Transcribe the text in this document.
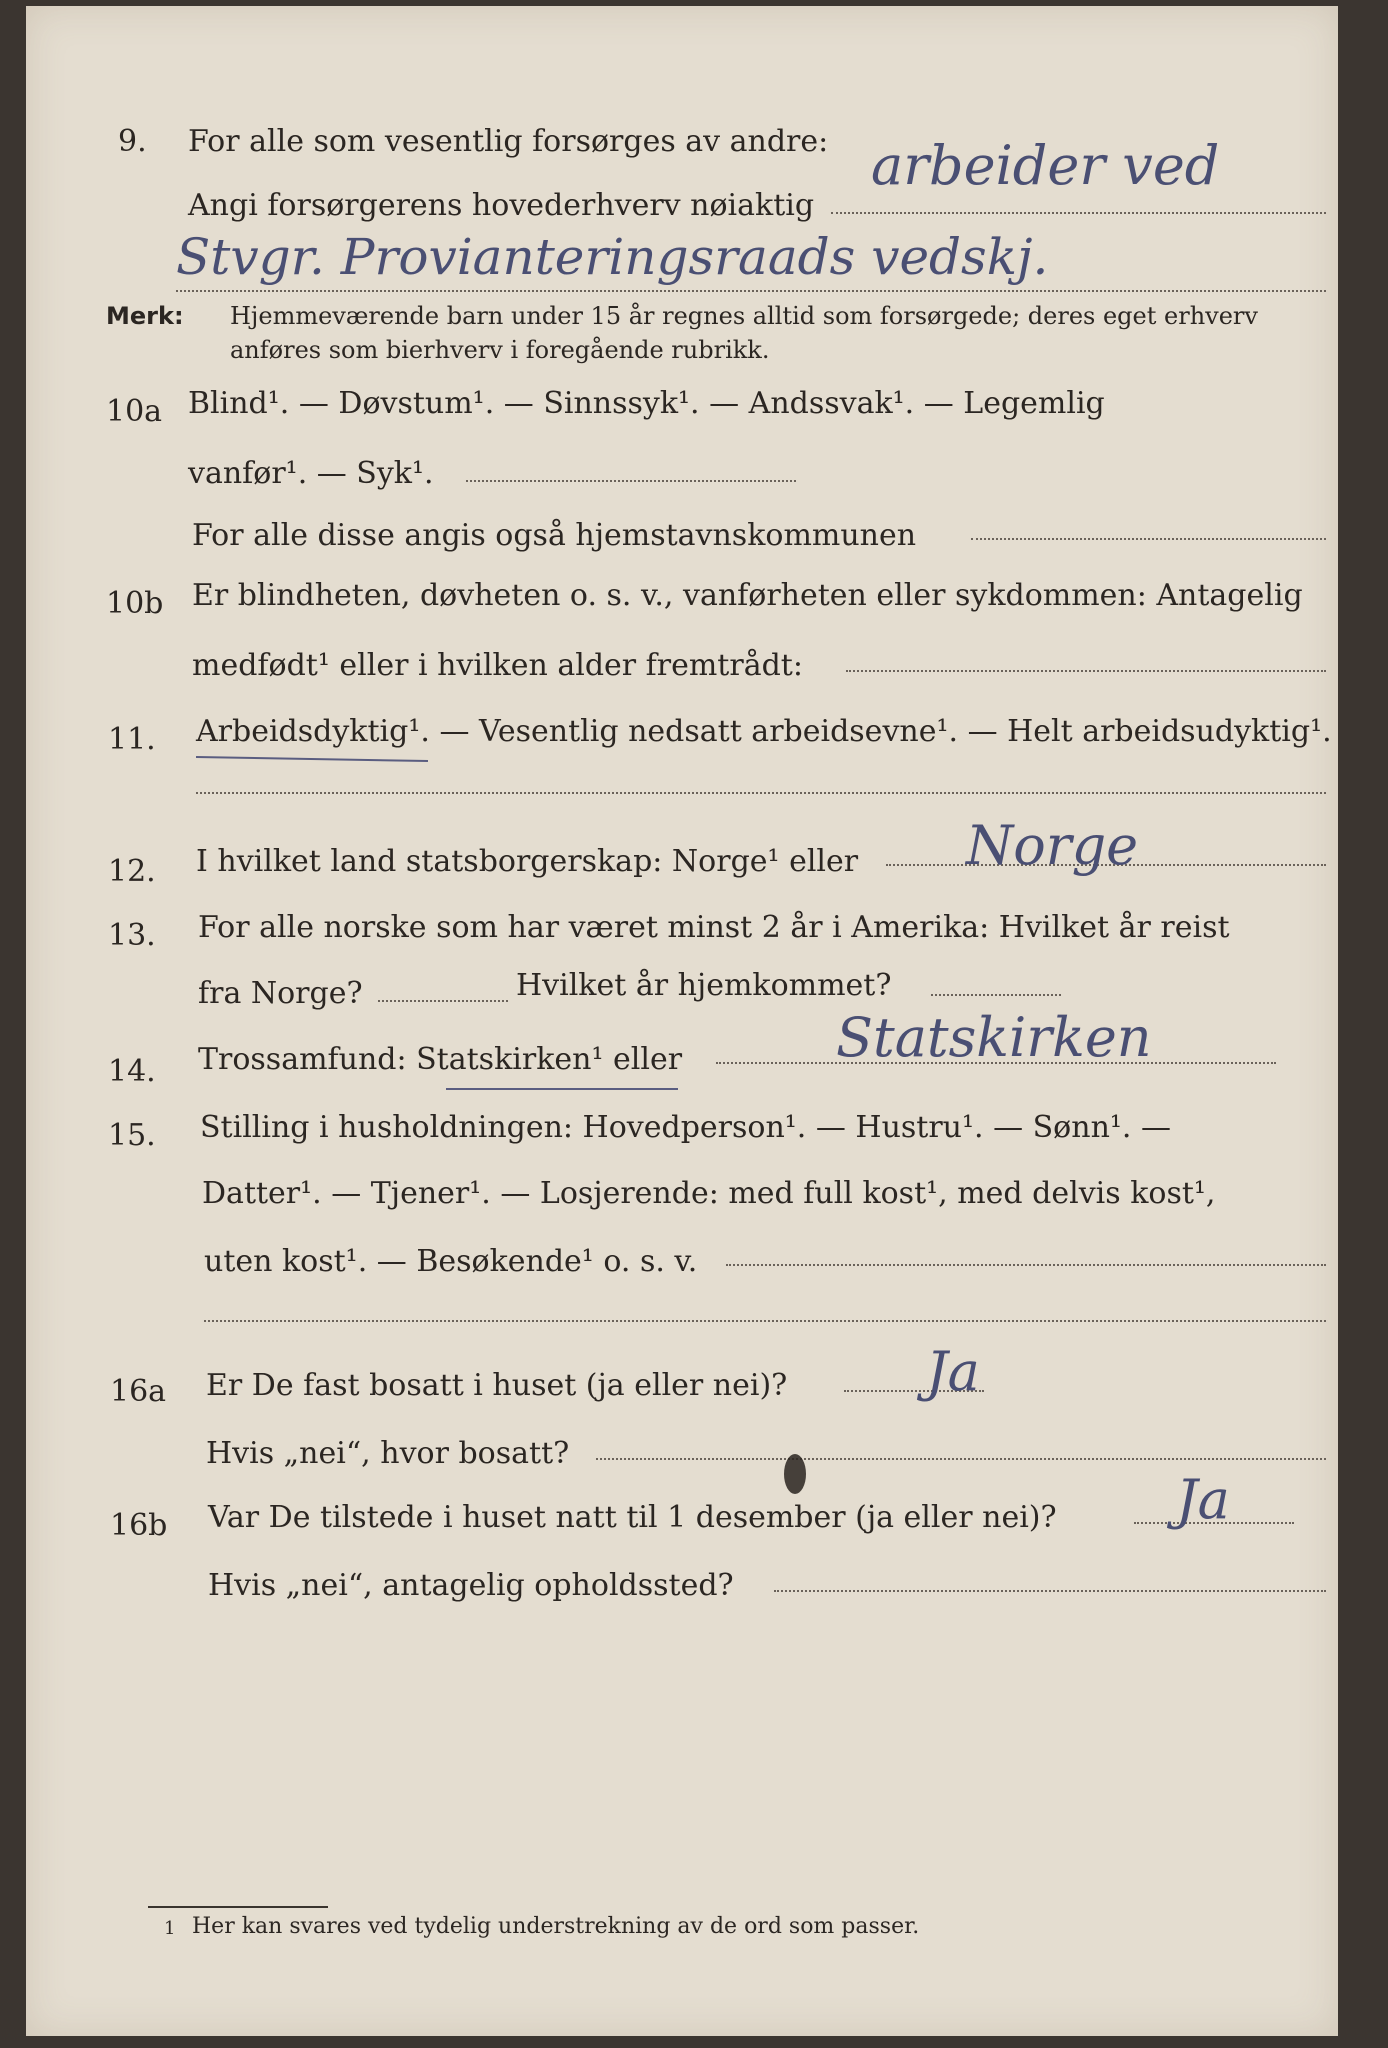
9. For alle som vesentlig forsørges av andre:
Angi forsørgerens hovederhverv nøiaktig
arbeider ved
Stvgr. Provianteringsraads vedskj.
Merk: Hjemmeværende barn under 15 år regnes alltid som forsørgede; deres eget erhverv
anføres som bierhverv i foregående rubrikk.
10a Blind¹. — Døvstum¹. — Sinnssyk¹. — Andssvak¹. — Legemlig
vanfør¹. — Syk¹.
For alle disse angis også hjemstavnskommunen
10b Er blindheten, døvheten o. s. v., vanførheten eller sykdommen: Antagelig
medfødt¹ eller i hvilken alder fremtrådt:
11. Arbeidsdyktig¹. — Vesentlig nedsatt arbeidsevne¹. — Helt arbeidsudyktig¹.
12. I hvilket land statsborgerskap: Norge¹ eller Norge
13. For alle norske som har været minst 2 år i Amerika: Hvilket år reist
fra Norge?	Hvilket år hjemkommet?
14. Trossamfund: Statskirken¹ eller	Statskirken
15. Stilling i husholdningen: Hovedperson¹. — Hustru¹. — Sønn¹. —
Datter¹. — Tjener¹. — Losjerende: med full kost¹, med delvis kost¹,
uten kost¹. — Besøkende¹ o. s. v.
16a Er De fast bosatt i huset (ja eller nei)?	Ja
Hvis „nei“, hvor bosatt?
16b Var De tilstede i huset natt til 1 desember (ja eller nei)? Ja
Hvis „nei“, antagelig opholdssted?
1 Her kan svares ved tydelig understrekning av de ord som passer.
